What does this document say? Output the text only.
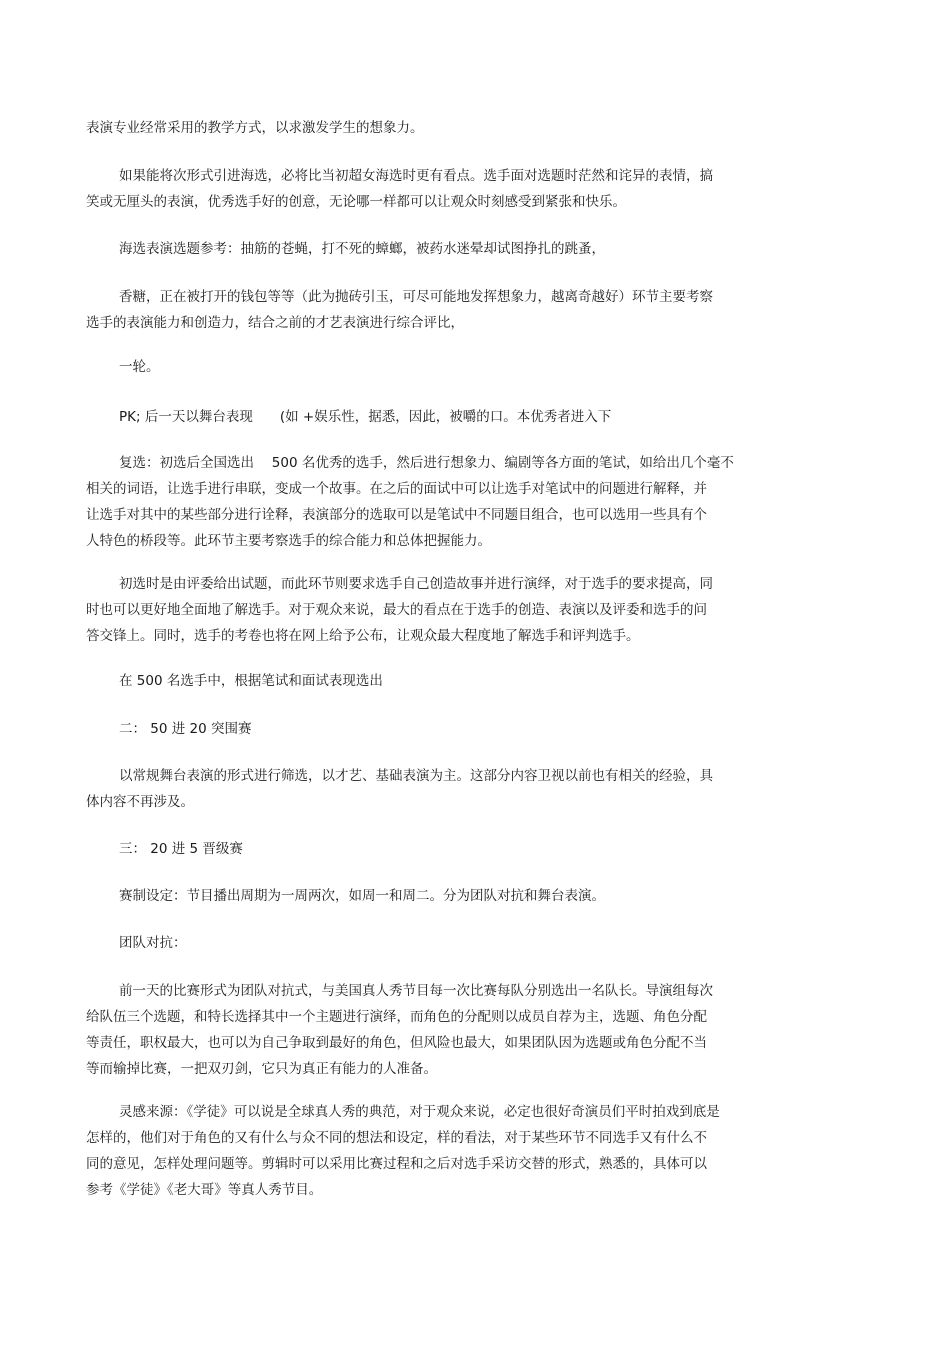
表演专业经常采用的教学方式，以求激发学生的想象力。
如果能将次形式引进海选，必将比当初超女海选时更有看点。选手面对选题时茫然和诧异的表情，搞
笑或无厘头的表演，优秀选手好的创意，无论哪一样都可以让观众时刻感受到紧张和快乐。
海选表演选题参考：抽筋的苍蝇，打不死的蟑螂，被药水迷晕却试图挣扎的跳蚤，
香糖，正在被打开的钱包等等（此为抛砖引玉，可尽可能地发挥想象力，越离奇越好）环节主要考察
选手的表演能力和创造力，结合之前的才艺表演进行综合评比，
一轮。
PK; 后一天以舞台表现　　(如 +娱乐性，据悉，因此，被嚼的口。本优秀者进入下
复选：初选后全国选出　 500 名优秀的选手，然后进行想象力、编剧等各方面的笔试，如给出几个毫不
相关的词语，让选手进行串联，变成一个故事。在之后的面试中可以让选手对笔试中的问题进行解释，并
让选手对其中的某些部分进行诠释，表演部分的选取可以是笔试中不同题目组合，也可以选用一些具有个
人特色的桥段等。此环节主要考察选手的综合能力和总体把握能力。
初选时是由评委给出试题，而此环节则要求选手自己创造故事并进行演绎，对于选手的要求提高，同
时也可以更好地全面地了解选手。对于观众来说，最大的看点在于选手的创造、表演以及评委和选手的问
答交锋上。同时，选手的考卷也将在网上给予公布，让观众最大程度地了解选手和评判选手。
在 500 名选手中，根据笔试和面试表现选出
二： 50 进 20 突围赛
以常规舞台表演的形式进行筛选，以才艺、基础表演为主。这部分内容卫视以前也有相关的经验，具
体内容不再涉及。
三： 20 进 5 晋级赛
赛制设定：节目播出周期为一周两次，如周一和周二。分为团队对抗和舞台表演。
团队对抗：
前一天的比赛形式为团队对抗式，与美国真人秀节目每一次比赛每队分别选出一名队长。导演组每次
给队伍三个选题，和特长选择其中一个主题进行演绎，而角色的分配则以成员自荐为主，选题、角色分配
等责任，职权最大，也可以为自己争取到最好的角色，但风险也最大，如果团队因为选题或角色分配不当
等而输掉比赛，一把双刃剑，它只为真正有能力的人准备。
灵感来源：《学徒》可以说是全球真人秀的典范，对于观众来说，必定也很好奇演员们平时拍戏到底是
怎样的，他们对于角色的又有什么与众不同的想法和设定，样的看法，对于某些环节不同选手又有什么不
同的意见，怎样处理问题等。剪辑时可以采用比赛过程和之后对选手采访交替的形式，熟悉的，具体可以
参考《学徒》《老大哥》等真人秀节目。
